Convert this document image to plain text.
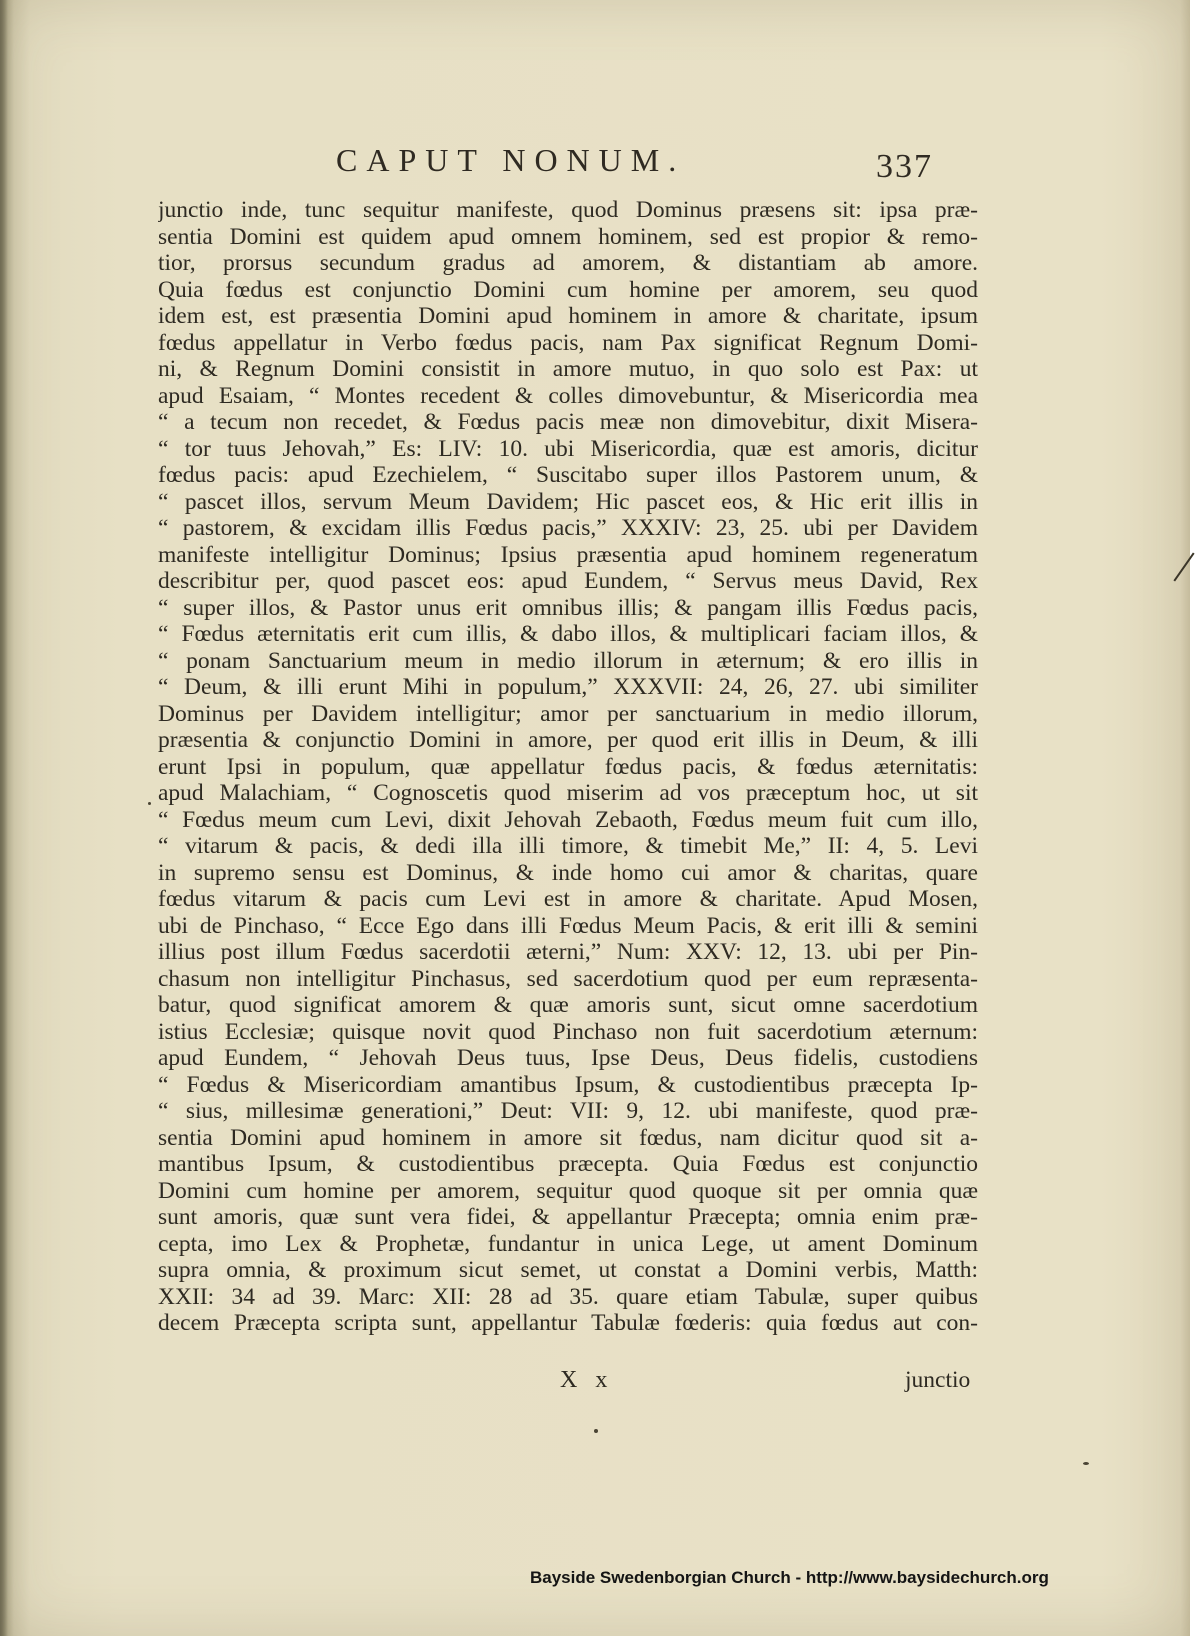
CAPUT NONUM.	337
junctio inde, tunc sequitur manifeste, quod Dominus præsens sit: ipsa præ-
sentia Domini est quidem apud omnem hominem, sed est propior & remo-
tior, prorsus secundum gradus ad amorem, & distantiam ab amore.
Quia fœdus est conjunctio Domini cum homine per amorem, seu quod
idem est, est præsentia Domini apud hominem in amore & charitate, ipsum
fœdus appellatur in Verbo fœdus pacis, nam Pax significat Regnum Domi-
ni, & Regnum Domini consistit in amore mutuo, in quo solo est Pax: ut
apud Esaiam, “ Montes recedent & colles dimovebuntur, & Misericordia mea
“ a tecum non recedet, & Fœdus pacis meæ non dimovebitur, dixit Misera-
“ tor tuus Jehovah,” Es: LIV: 10. ubi Misericordia, quæ est amoris, dicitur
fœdus pacis: apud Ezechielem, “ Suscitabo super illos Pastorem unum, &
“ pascet illos, servum Meum Davidem; Hic pascet eos, & Hic erit illis in
“ pastorem, & excidam illis Fœdus pacis,” XXXIV: 23, 25. ubi per Davidem
manifeste intelligitur Dominus; Ipsius præsentia apud hominem regeneratum
describitur per, quod pascet eos: apud Eundem, “ Servus meus David, Rex
“ super illos, & Pastor unus erit omnibus illis; & pangam illis Fœdus pacis,
“ Fœdus æternitatis erit cum illis, & dabo illos, & multiplicari faciam illos, &
“ ponam Sanctuarium meum in medio illorum in æternum; & ero illis in
“ Deum, & illi erunt Mihi in populum,” XXXVII: 24, 26, 27. ubi similiter
Dominus per Davidem intelligitur; amor per sanctuarium in medio illorum,
præsentia & conjunctio Domini in amore, per quod erit illis in Deum, & illi
erunt Ipsi in populum, quæ appellatur fœdus pacis, & fœdus æternitatis:
apud Malachiam, “ Cognoscetis quod miserim ad vos præceptum hoc, ut sit
“ Fœdus meum cum Levi, dixit Jehovah Zebaoth, Fœdus meum fuit cum illo,
“ vitarum & pacis, & dedi illa illi timore, & timebit Me,” II: 4, 5. Levi
in supremo sensu est Dominus, & inde homo cui amor & charitas, quare
fœdus vitarum & pacis cum Levi est in amore & charitate. Apud Mosen,
ubi de Pinchaso, “ Ecce Ego dans illi Fœdus Meum Pacis, & erit illi & semini
illius post illum Fœdus sacerdotii æterni,” Num: XXV: 12, 13. ubi per Pin-
chasum non intelligitur Pinchasus, sed sacerdotium quod per eum repræsenta-
batur, quod significat amorem & quæ amoris sunt, sicut omne sacerdotium
istius Ecclesiæ; quisque novit quod Pinchaso non fuit sacerdotium æternum:
apud Eundem, “ Jehovah Deus tuus, Ipse Deus, Deus fidelis, custodiens
“ Fœdus & Misericordiam amantibus Ipsum, & custodientibus præcepta Ip-
“ sius, millesimæ generationi,” Deut: VII: 9, 12. ubi manifeste, quod præ-
sentia Domini apud hominem in amore sit fœdus, nam dicitur quod sit a-
mantibus Ipsum, & custodientibus præcepta. Quia Fœdus est conjunctio
Domini cum homine per amorem, sequitur quod quoque sit per omnia quæ
sunt amoris, quæ sunt vera fidei, & appellantur Præcepta; omnia enim præ-
cepta, imo Lex & Prophetæ, fundantur in unica Lege, ut ament Dominum
supra omnia, & proximum sicut semet, ut constat a Domini verbis, Matth:
XXII: 34 ad 39. Marc: XII: 28 ad 35. quare etiam Tabulæ, super quibus
decem Præcepta scripta sunt, appellantur Tabulæ fœderis: quia fœdus aut con-
X x	junctio
Bayside Swedenborgian Church - http://www.baysidechurch.org
